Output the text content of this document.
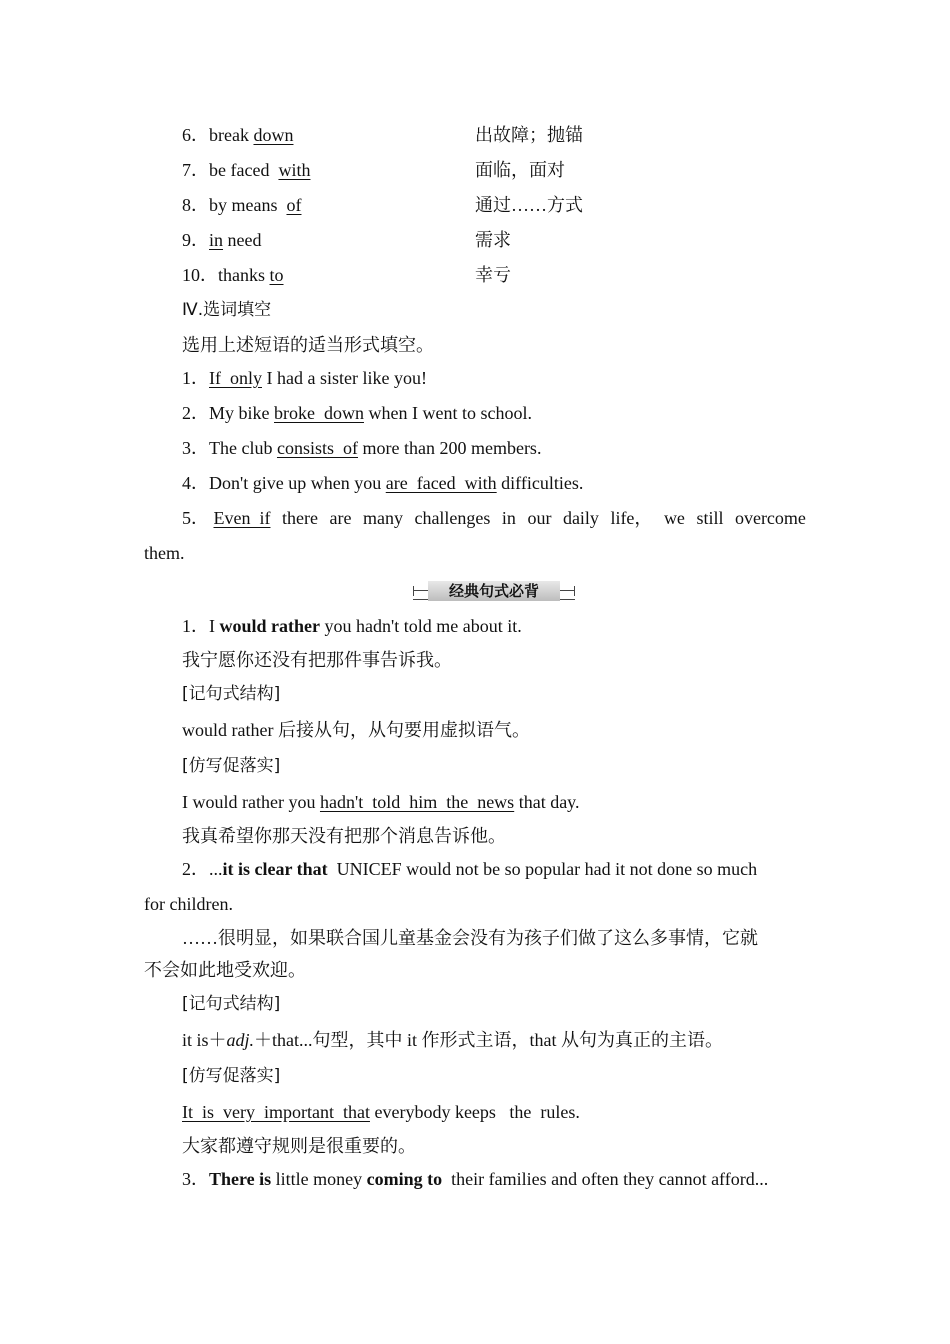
6．break down	出故障；抛锚
7．be faced  with	面临，面对
8．by means  of	通过……方式
9．in need	需求
10．thanks to	幸亏
Ⅳ.选词填空
选用上述短语的适当形式填空。
1．If  only I had a sister like you!
2．My bike broke  down when I went to school.
3．The club consists  of more than 200 members.
4．Don't give up when you are  faced  with difficulties.
5． Even  if there are many challenges in our daily life， we still overcome
them.
经典句式必背
1．I would rather you hadn't told me about it.
我宁愿你还没有把那件事告诉我。
[记句式结构]
would rather 后接从句，从句要用虚拟语气。
[仿写促落实]
I would rather you hadn't  told  him  the  news that day.
我真希望你那天没有把那个消息告诉他。
2．...it is clear that  UNICEF would not be so popular had it not done so much
for children.
……很明显，如果联合国儿童基金会没有为孩子们做了这么多事情，它就
不会如此地受欢迎。
[记句式结构]
it is＋adj.＋that...句型，其中 it 作形式主语，that 从句为真正的主语。
[仿写促落实]
It  is  very  important  that everybody keeps   the  rules.
大家都遵守规则是很重要的。
3．There is little money coming to  their families and often they cannot afford...
